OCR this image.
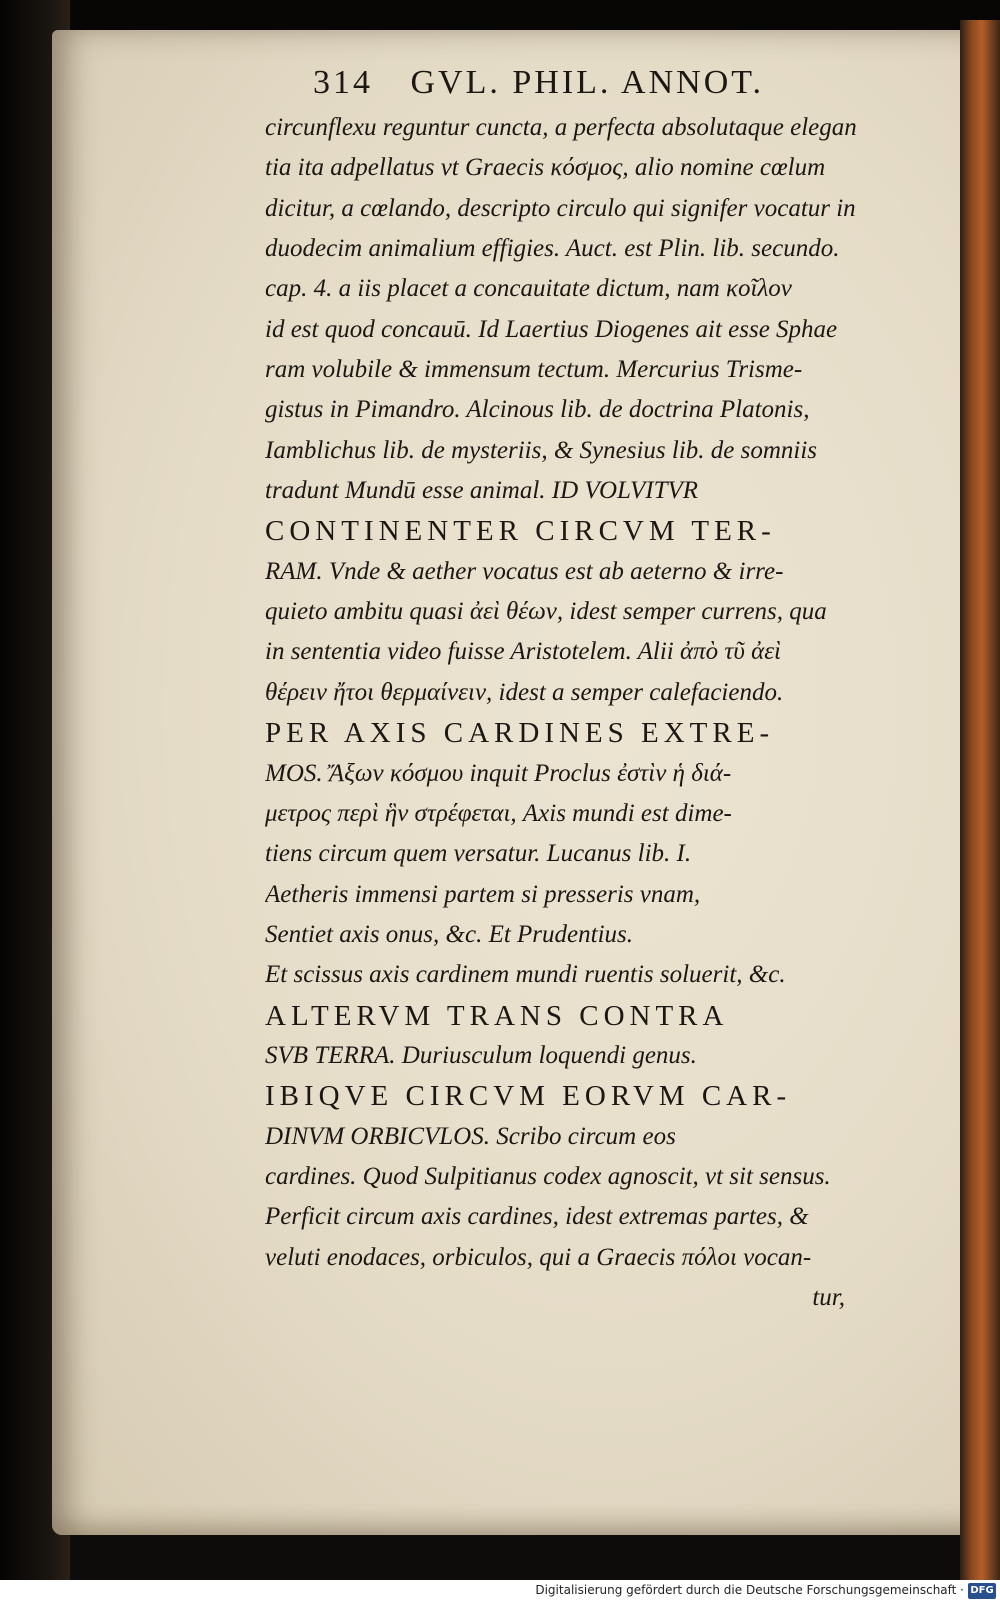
314 GVL. PHIL. ANNOT.
circunflexu reguntur cuncta, a perfecta absolutaque elegan
tia ita adpellatus vt Graecis κόσμος, alio nomine cœlum
dicitur, a cœlando, descripto circulo qui signifer vocatur in
duodecim animalium effigies. Auct. est Plin. lib. secundo.
cap. 4. a iis placet a concauitate dictum, nam κοῖλον
id est quod concauū. Id Laertius Diogenes ait esse Sphae
ram volubile & immensum tectum. Mercurius Trisme-
gistus in Pimandro. Alcinous lib. de doctrina Platonis,
Iamblichus lib. de mysteriis, & Synesius lib. de somniis
tradunt Mundū esse animal. ID VOLVITVR
CONTINENTER CIRCVM TER-
RAM. Vnde & aether vocatus est ab aeterno & irre-
quieto ambitu quasi ἀεὶ θέων, idest semper currens, qua
in sententia video fuisse Aristotelem. Alii ἀπὸ τῦ ἀεὶ
θέρειν ἤτοι θερμαίνειν, idest a semper calefaciendo.
PER AXIS CARDINES EXTRE-
MOS. Ἄξων κόσμου inquit Proclus ἐστὶν ἡ διά-
μετρος περὶ ἣν στρέφεται, Axis mundi est dime-
tiens circum quem versatur. Lucanus lib. I.
Aetheris immensi partem si presseris vnam,
Sentiet axis onus, &c. Et Prudentius.
Et scissus axis cardinem mundi ruentis soluerit, &c.
ALTERVM TRANS CONTRA
SVB TERRA. Duriusculum loquendi genus.
IBIQVE CIRCVM EORVM CAR-
DINVM ORBICVLOS. Scribo circum eos
cardines. Quod Sulpitianus codex agnoscit, vt sit sensus.
Perficit circum axis cardines, idest extremas partes, &
veluti enodaces, orbiculos, qui a Graecis πόλοι vocan-
tur,
Digitalisierung gefördert durch die Deutsche Forschungsgemeinschaft · DFG
